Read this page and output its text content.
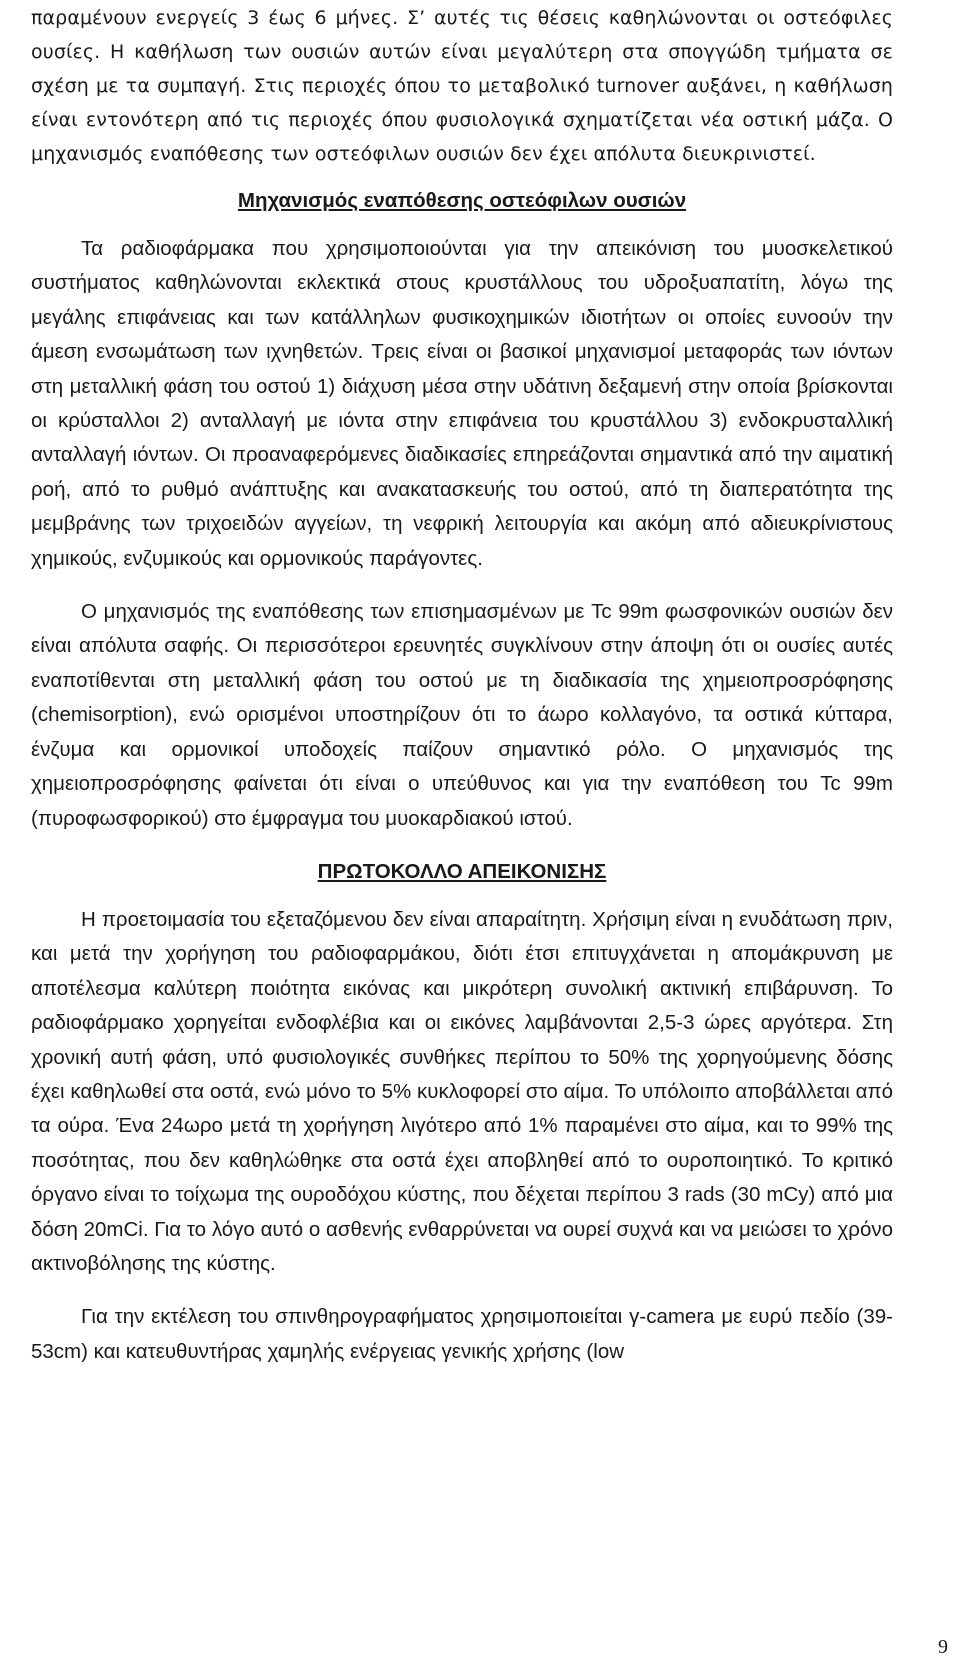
παραμένουν ενεργείς 3 έως 6 μήνες. Σ’ αυτές τις θέσεις καθηλώνονται οι οστεόφιλες ουσίες. Η καθήλωση των ουσιών αυτών είναι μεγαλύτερη στα σπογγώδη τμήματα σε σχέση με τα συμπαγή. Στις περιοχές όπου το μεταβολικό turnover αυξάνει, η καθήλωση είναι εντονότερη από τις περιοχές όπου φυσιολογικά σχηματίζεται νέα οστική μάζα. Ο μηχανισμός εναπόθεσης των οστεόφιλων ουσιών δεν έχει απόλυτα διευκρινιστεί.

Μηχανισμός εναπόθεσης οστεόφιλων ουσιών

Τα ραδιοφάρμακα που χρησιμοποιούνται για την απεικόνιση του μυοσκελετικού συστήματος καθηλώνονται εκλεκτικά στους κρυστάλλους του υδροξυαπατίτη, λόγω της μεγάλης επιφάνειας και των κατάλληλων φυσικοχημικών ιδιοτήτων οι οποίες ευνοούν την άμεση ενσωμάτωση των ιχνηθετών. Τρεις είναι οι βασικοί μηχανισμοί μεταφοράς των ιόντων στη μεταλλική φάση του οστού 1) διάχυση μέσα στην υδάτινη δεξαμενή στην οποία βρίσκονται οι κρύσταλλοι 2) ανταλλαγή με ιόντα στην επιφάνεια του κρυστάλλου 3) ενδοκρυσταλλική ανταλλαγή ιόντων. Οι προαναφερόμενες διαδικασίες επηρεάζονται σημαντικά από την αιματική ροή, από το ρυθμό ανάπτυξης και ανακατασκευής του οστού, από τη διαπερατότητα της μεμβράνης των τριχοειδών αγγείων, τη νεφρική λειτουργία και ακόμη από αδιευκρίνιστους χημικούς, ενζυμικούς και ορμονικούς παράγοντες.

Ο μηχανισμός της εναπόθεσης των επισημασμένων με Tc 99m φωσφονικών ουσιών δεν είναι απόλυτα σαφής. Οι περισσότεροι ερευνητές συγκλίνουν στην άποψη ότι οι ουσίες αυτές εναποτίθενται στη μεταλλική φάση του οστού με τη διαδικασία της χημειοπροσρόφησης (chemisorption), ενώ ορισμένοι υποστηρίζουν ότι το άωρο κολλαγόνο, τα οστικά κύτταρα, ένζυμα και ορμονικοί υποδοχείς παίζουν σημαντικό ρόλο. Ο μηχανισμός της χημειοπροσρόφησης φαίνεται ότι είναι ο υπεύθυνος και για την εναπόθεση του Tc 99m (πυροφωσφορικού) στο έμφραγμα του μυοκαρδιακού ιστού.

ΠΡΩΤΟΚΟΛΛΟ ΑΠΕΙΚΟΝΙΣΗΣ

Η προετοιμασία του εξεταζόμενου δεν είναι απαραίτητη. Χρήσιμη είναι η ενυδάτωση πριν, και μετά την χορήγηση του ραδιοφαρμάκου, διότι έτσι επιτυγχάνεται η απομάκρυνση με αποτέλεσμα καλύτερη ποιότητα εικόνας και μικρότερη συνολική ακτινική επιβάρυνση. Το ραδιοφάρμακο χορηγείται ενδοφλέβια και οι εικόνες λαμβάνονται 2,5-3 ώρες αργότερα. Στη χρονική αυτή φάση, υπό φυσιολογικές συνθήκες περίπου το 50% της χορηγούμενης δόσης έχει καθηλωθεί στα οστά, ενώ μόνο το 5% κυκλοφορεί στο αίμα. Το υπόλοιπο αποβάλλεται από τα ούρα. Ένα 24ωρο μετά τη χορήγηση λιγότερο από 1% παραμένει στο αίμα, και το 99% της ποσότητας, που δεν καθηλώθηκε στα οστά έχει αποβληθεί από το ουροποιητικό. Το κριτικό όργανο είναι το τοίχωμα της ουροδόχου κύστης, που δέχεται περίπου 3 rads (30 mCy) από μια δόση 20mCi. Για το λόγο αυτό ο ασθενής ενθαρρύνεται να ουρεί συχνά και να μειώσει το χρόνο ακτινοβόλησης της κύστης.

Για την εκτέλεση του σπινθηρογραφήματος χρησιμοποιείται γ-camera με ευρύ πεδίο (39-53cm) και κατευθυντήρας χαμηλής ενέργειας γενικής χρήσης (low

9
